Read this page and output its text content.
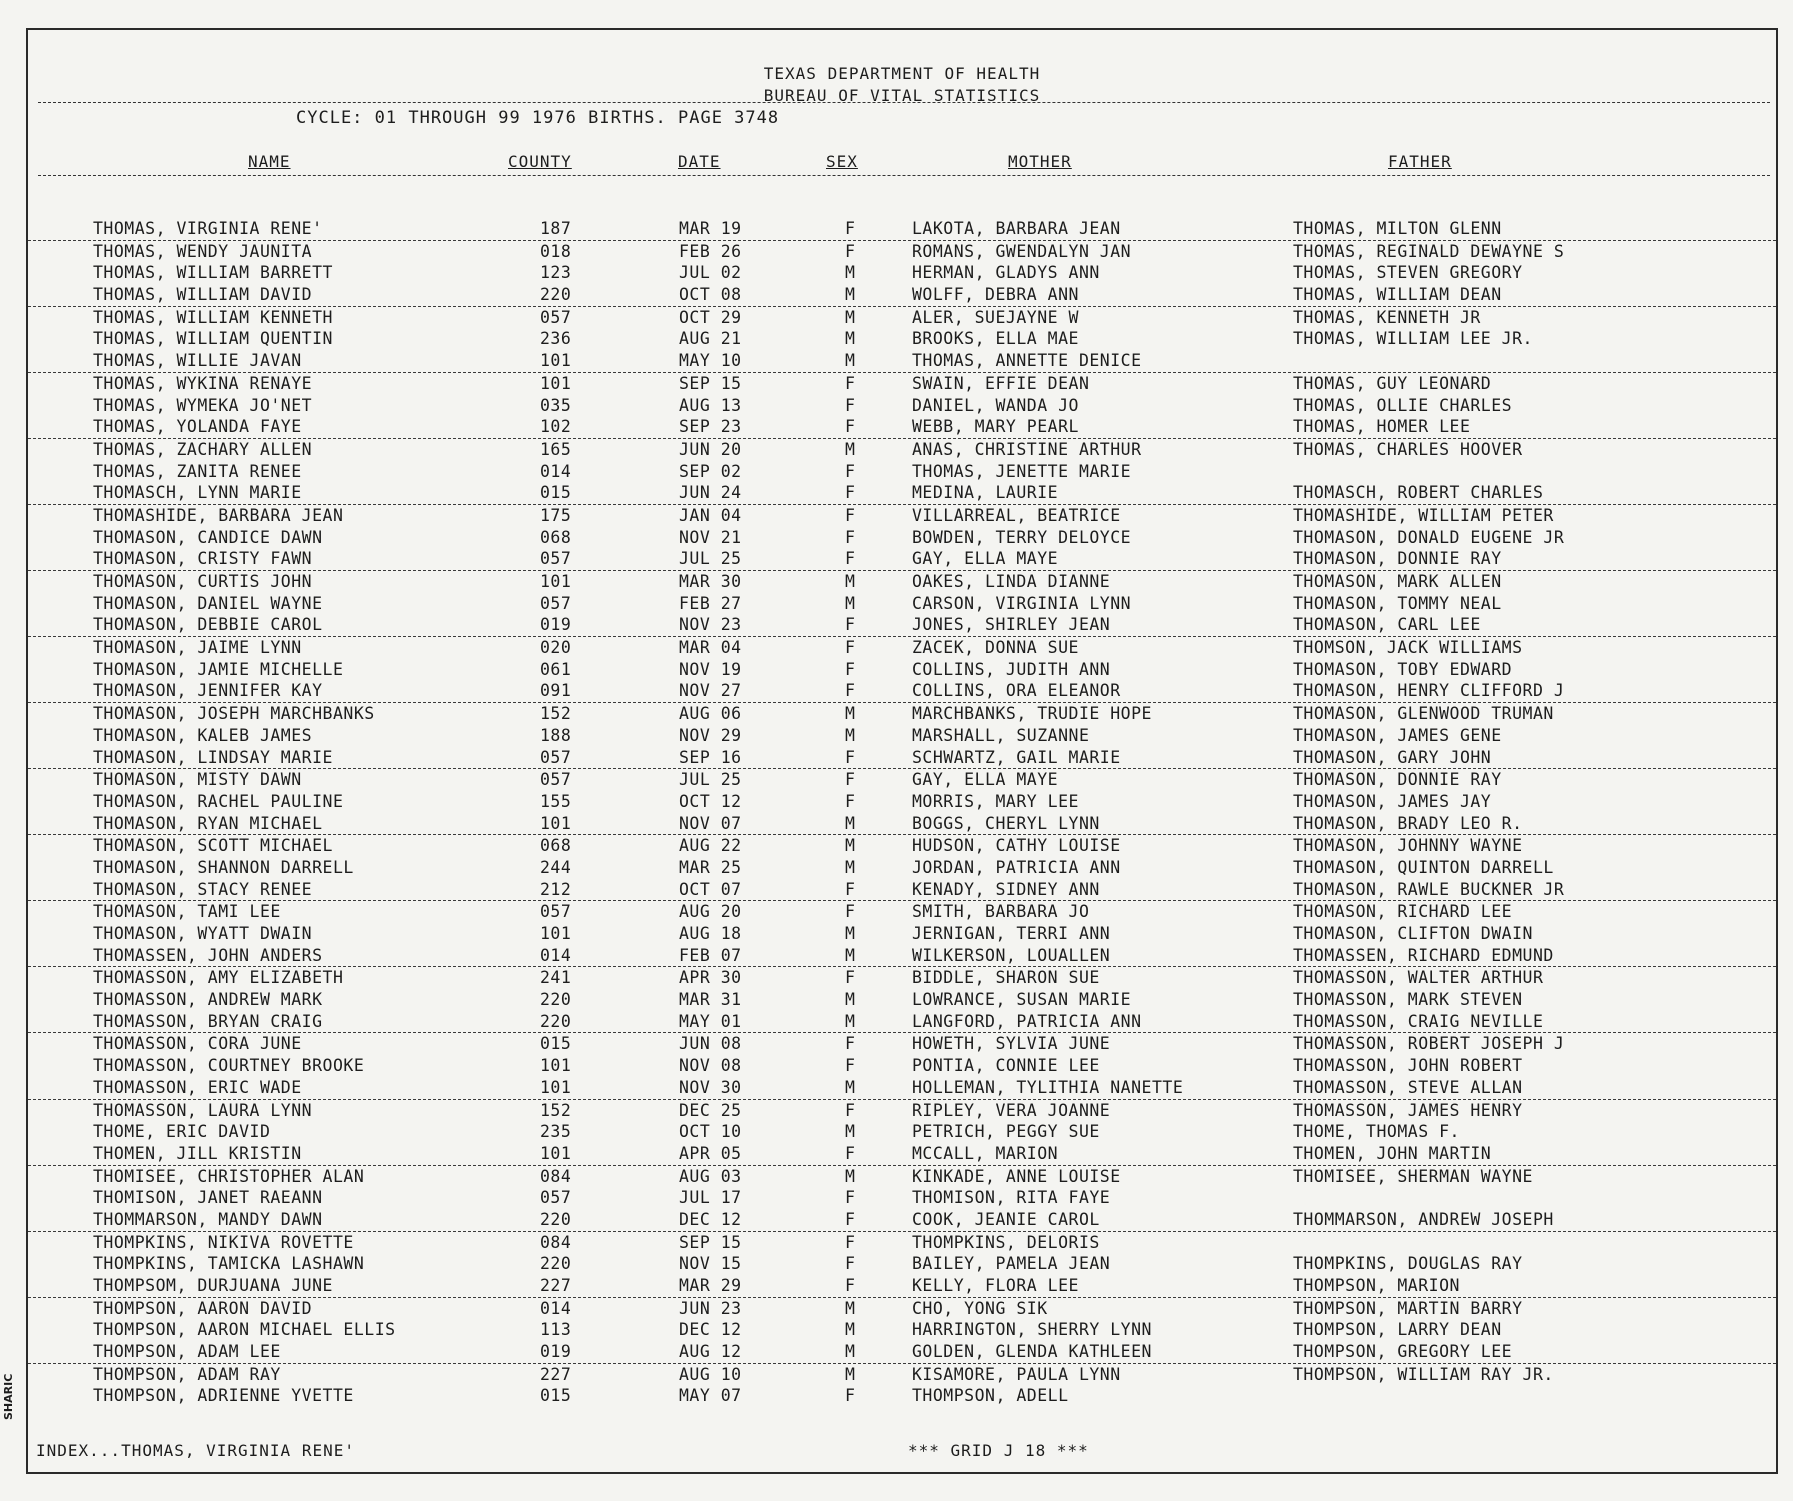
TEXAS DEPARTMENT OF HEALTH
BUREAU OF VITAL STATISTICS
CYCLE: 01 THROUGH 99 1976 BIRTHS. PAGE 3748
NAME	COUNTY	DATE	SEX	MOTHER	FATHER
THOMAS, VIRGINIA RENE'	187	MAR 19	F	LAKOTA, BARBARA JEAN	THOMAS, MILTON GLENN
THOMAS, WENDY JAUNITA	018	FEB 26	F	ROMANS, GWENDALYN JAN	THOMAS, REGINALD DEWAYNE S
THOMAS, WILLIAM BARRETT	123	JUL 02	M	HERMAN, GLADYS ANN	THOMAS, STEVEN GREGORY
THOMAS, WILLIAM DAVID	220	OCT 08	M	WOLFF, DEBRA ANN	THOMAS, WILLIAM DEAN
THOMAS, WILLIAM KENNETH	057	OCT 29	M	ALER, SUEJAYNE W	THOMAS, KENNETH JR
THOMAS, WILLIAM QUENTIN	236	AUG 21	M	BROOKS, ELLA MAE	THOMAS, WILLIAM LEE JR.
THOMAS, WILLIE JAVAN	101	MAY 10	M	THOMAS, ANNETTE DENICE
THOMAS, WYKINA RENAYE	101	SEP 15	F	SWAIN, EFFIE DEAN	THOMAS, GUY LEONARD
THOMAS, WYMEKA JO'NET	035	AUG 13	F	DANIEL, WANDA JO	THOMAS, OLLIE CHARLES
THOMAS, YOLANDA FAYE	102	SEP 23	F	WEBB, MARY PEARL	THOMAS, HOMER LEE
THOMAS, ZACHARY ALLEN	165	JUN 20	M	ANAS, CHRISTINE ARTHUR	THOMAS, CHARLES HOOVER
THOMAS, ZANITA RENEE	014	SEP 02	F	THOMAS, JENETTE MARIE
THOMASCH, LYNN MARIE	015	JUN 24	F	MEDINA, LAURIE	THOMASCH, ROBERT CHARLES
THOMASHIDE, BARBARA JEAN	175	JAN 04	F	VILLARREAL, BEATRICE	THOMASHIDE, WILLIAM PETER
THOMASON, CANDICE DAWN	068	NOV 21	F	BOWDEN, TERRY DELOYCE	THOMASON, DONALD EUGENE JR
THOMASON, CRISTY FAWN	057	JUL 25	F	GAY, ELLA MAYE	THOMASON, DONNIE RAY
THOMASON, CURTIS JOHN	101	MAR 30	M	OAKES, LINDA DIANNE	THOMASON, MARK ALLEN
THOMASON, DANIEL WAYNE	057	FEB 27	M	CARSON, VIRGINIA LYNN	THOMASON, TOMMY NEAL
THOMASON, DEBBIE CAROL	019	NOV 23	F	JONES, SHIRLEY JEAN	THOMASON, CARL LEE
THOMASON, JAIME LYNN	020	MAR 04	F	ZACEK, DONNA SUE	THOMSON, JACK WILLIAMS
THOMASON, JAMIE MICHELLE	061	NOV 19	F	COLLINS, JUDITH ANN	THOMASON, TOBY EDWARD
THOMASON, JENNIFER KAY	091	NOV 27	F	COLLINS, ORA ELEANOR	THOMASON, HENRY CLIFFORD J
THOMASON, JOSEPH MARCHBANKS	152	AUG 06	M	MARCHBANKS, TRUDIE HOPE	THOMASON, GLENWOOD TRUMAN
THOMASON, KALEB JAMES	188	NOV 29	M	MARSHALL, SUZANNE	THOMASON, JAMES GENE
THOMASON, LINDSAY MARIE	057	SEP 16	F	SCHWARTZ, GAIL MARIE	THOMASON, GARY JOHN
THOMASON, MISTY DAWN	057	JUL 25	F	GAY, ELLA MAYE	THOMASON, DONNIE RAY
THOMASON, RACHEL PAULINE	155	OCT 12	F	MORRIS, MARY LEE	THOMASON, JAMES JAY
THOMASON, RYAN MICHAEL	101	NOV 07	M	BOGGS, CHERYL LYNN	THOMASON, BRADY LEO R.
THOMASON, SCOTT MICHAEL	068	AUG 22	M	HUDSON, CATHY LOUISE	THOMASON, JOHNNY WAYNE
THOMASON, SHANNON DARRELL	244	MAR 25	M	JORDAN, PATRICIA ANN	THOMASON, QUINTON DARRELL
THOMASON, STACY RENEE	212	OCT 07	F	KENADY, SIDNEY ANN	THOMASON, RAWLE BUCKNER JR
THOMASON, TAMI LEE	057	AUG 20	F	SMITH, BARBARA JO	THOMASON, RICHARD LEE
THOMASON, WYATT DWAIN	101	AUG 18	M	JERNIGAN, TERRI ANN	THOMASON, CLIFTON DWAIN
THOMASSEN, JOHN ANDERS	014	FEB 07	M	WILKERSON, LOUALLEN	THOMASSEN, RICHARD EDMUND
THOMASSON, AMY ELIZABETH	241	APR 30	F	BIDDLE, SHARON SUE	THOMASSON, WALTER ARTHUR
THOMASSON, ANDREW MARK	220	MAR 31	M	LOWRANCE, SUSAN MARIE	THOMASSON, MARK STEVEN
THOMASSON, BRYAN CRAIG	220	MAY 01	M	LANGFORD, PATRICIA ANN	THOMASSON, CRAIG NEVILLE
THOMASSON, CORA JUNE	015	JUN 08	F	HOWETH, SYLVIA JUNE	THOMASSON, ROBERT JOSEPH J
THOMASSON, COURTNEY BROOKE	101	NOV 08	F	PONTIA, CONNIE LEE	THOMASSON, JOHN ROBERT
THOMASSON, ERIC WADE	101	NOV 30	M	HOLLEMAN, TYLITHIA NANETTE	THOMASSON, STEVE ALLAN
THOMASSON, LAURA LYNN	152	DEC 25	F	RIPLEY, VERA JOANNE	THOMASSON, JAMES HENRY
THOME, ERIC DAVID	235	OCT 10	M	PETRICH, PEGGY SUE	THOME, THOMAS F.
THOMEN, JILL KRISTIN	101	APR 05	F	MCCALL, MARION	THOMEN, JOHN MARTIN
THOMISEE, CHRISTOPHER ALAN	084	AUG 03	M	KINKADE, ANNE LOUISE	THOMISEE, SHERMAN WAYNE
THOMISON, JANET RAEANN	057	JUL 17	F	THOMISON, RITA FAYE
THOMMARSON, MANDY DAWN	220	DEC 12	F	COOK, JEANIE CAROL	THOMMARSON, ANDREW JOSEPH
THOMPKINS, NIKIVA ROVETTE	084	SEP 15	F	THOMPKINS, DELORIS
THOMPKINS, TAMICKA LASHAWN	220	NOV 15	F	BAILEY, PAMELA JEAN	THOMPKINS, DOUGLAS RAY
THOMPSOM, DURJUANA JUNE	227	MAR 29	F	KELLY, FLORA LEE	THOMPSON, MARION
THOMPSON, AARON DAVID	014	JUN 23	M	CHO, YONG SIK	THOMPSON, MARTIN BARRY
THOMPSON, AARON MICHAEL ELLIS	113	DEC 12	M	HARRINGTON, SHERRY LYNN	THOMPSON, LARRY DEAN
THOMPSON, ADAM LEE	019	AUG 12	M	GOLDEN, GLENDA KATHLEEN	THOMPSON, GREGORY LEE
THOMPSON, ADAM RAY	227	AUG 10	M	KISAMORE, PAULA LYNN	THOMPSON, WILLIAM RAY JR.
THOMPSON, ADRIENNE YVETTE	015	MAY 07	F	THOMPSON, ADELL
INDEX...THOMAS, VIRGINIA RENE'	*** GRID J 18 ***
SHARIC
